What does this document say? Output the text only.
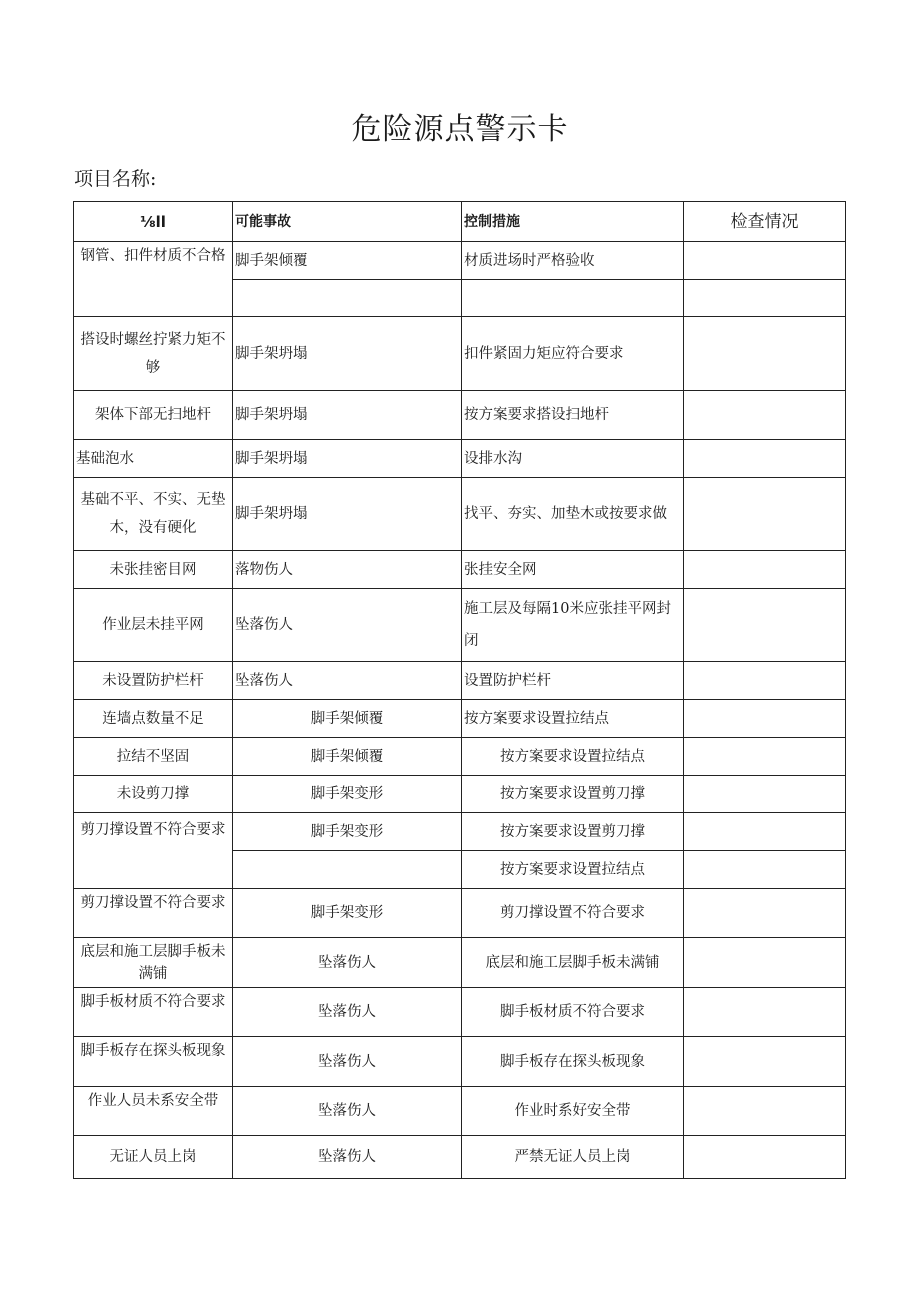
危险源点警示卡
项目名称:
⅛ll	可能事故	控制措施	检查情况
钢管、扣件材质不合格	脚手架倾覆	材质进场时严格验收	

搭设时螺丝拧紧力矩不够	脚手架坍塌	扣件紧固力矩应符合要求	
架体下部无扫地杆	脚手架坍塌	按方案要求搭设扫地杆	
基础泡水	脚手架坍塌	设排水沟	
基础不平、不实、无垫木，没有硬化	脚手架坍塌	找平、夯实、加垫木或按要求做	
未张挂密目网	落物伤人	张挂安全网	
作业层未挂平网	坠落伤人	施工层及每隔10米应张挂平网封闭	
未设置防护栏杆	坠落伤人	设置防护栏杆	
连墙点数量不足	脚手架倾覆	按方案要求设置拉结点	
拉结不坚固	脚手架倾覆	按方案要求设置拉结点	
未设剪刀撑	脚手架变形	按方案要求设置剪刀撑	
剪刀撑设置不符合要求	脚手架变形	按方案要求设置剪刀撑	
		按方案要求设置拉结点	
剪刀撑设置不符合要求	脚手架变形	剪刀撑设置不符合要求	
底层和施工层脚手板未满铺	坠落伤人	底层和施工层脚手板未满铺	
脚手板材质不符合要求	坠落伤人	脚手板材质不符合要求	
脚手板存在探头板现象	坠落伤人	脚手板存在探头板现象	
作业人员未系安全带	坠落伤人	作业时系好安全带	
无证人员上岗	坠落伤人	严禁无证人员上岗	
